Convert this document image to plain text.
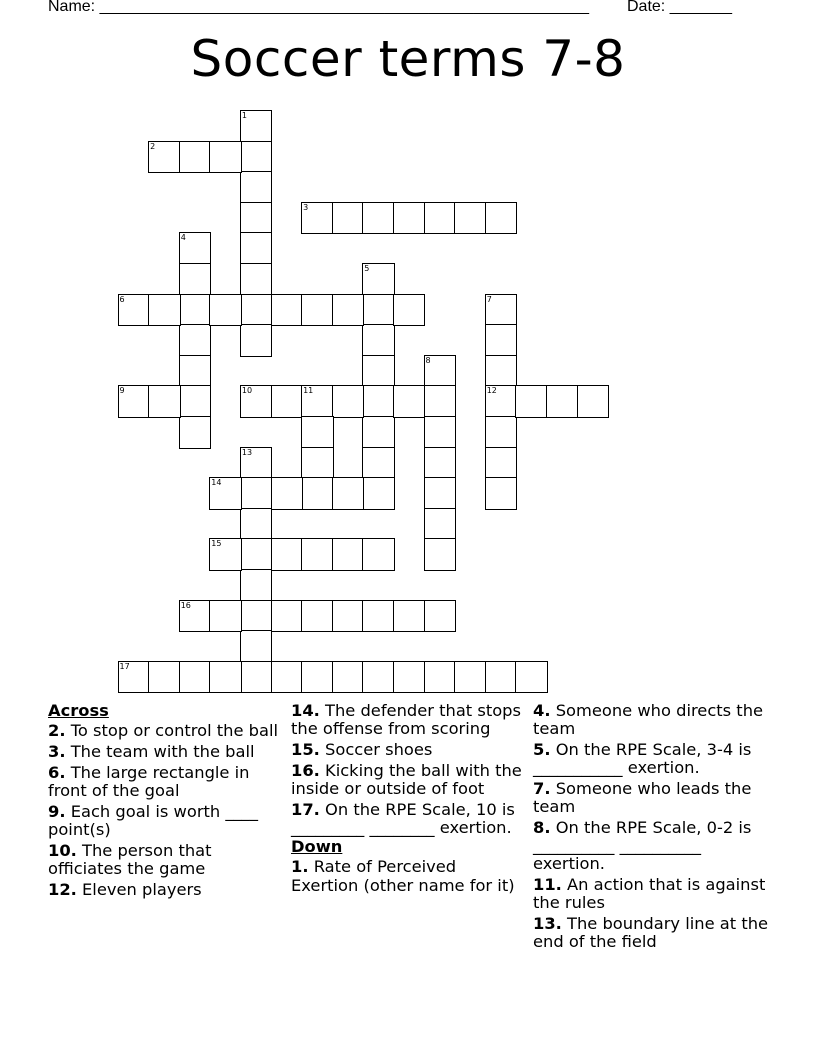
Name: _______________________________________________________ Date: _______
Soccer terms 7-8
1
2
3
4
5
6	7
12
8
9	10	11
13
14
15
16
17
Across
2. To stop or control the ball
3. The team with the ball
6. The large rectangle in front of the goal
9. Each goal is worth ____ point(s)
10. The person that officiates the game
12. Eleven players
14. The defender that stops the offense from scoring
15. Soccer shoes
16. Kicking the ball with the inside or outside of foot
17. On the RPE Scale, 10 is _________ ________ exertion.
Down
1. Rate of Perceived Exertion (other name for it)
4. Someone who directs the team
5. On the RPE Scale, 3-4 is ___________ exertion.
7. Someone who leads the team
8. On the RPE Scale, 0-2 is __________ __________ exertion.
11. An action that is against the rules
13. The boundary line at the end of the field
